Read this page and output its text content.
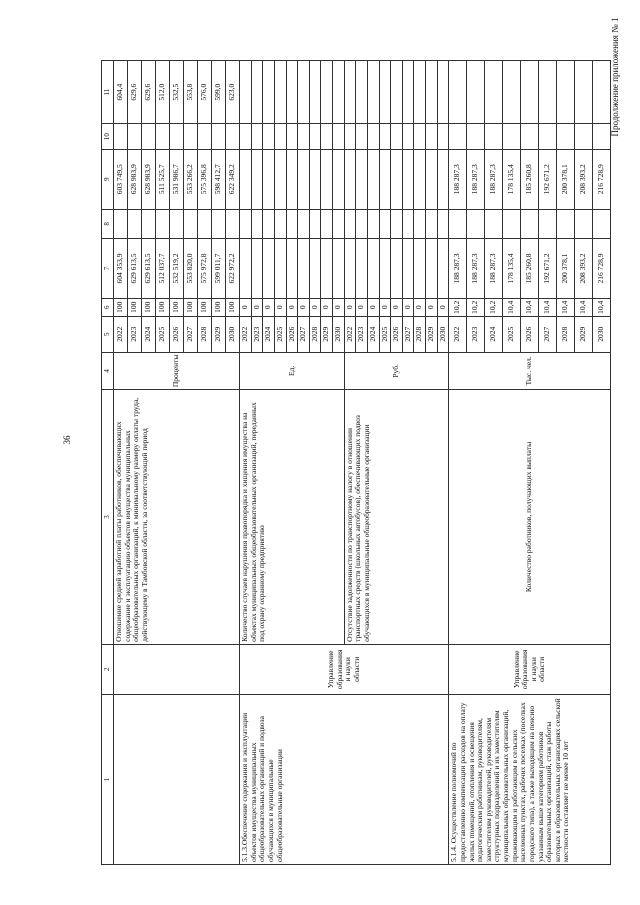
36
Продолжение приложения № 1
1	2	3	4	5	6	7	8	9	10	11
		Отношение средней заработной платы работников, обеспечивающих содержание и эксплуатацию объектов имущества муниципальных общеобразовательных организаций, к минимальному размеру оплаты труда, действующему в Тамбовской области, за соответствующий период	Проценты	2022	100	604 353,9		603 749,5		604,4
				2023	100	629 613,5		628 983,9		629,6
				2024	100	629 613,5		628 983,9		629,6
				2025	100	512 037,7		511 525,7		512,0
				2026	100	532 519,2		531 986,7		532,5
				2027	100	553 820,0		553 266,2		553,8
				2028	100	575 972,8		575 396,8		576,0
				2029	100	599 011,7		598 412,7		599,0
				2030	100	622 972,2		622 349,2		623,0
5.1.3.Обеспечение содержания и эксплуатации объектов имущества муниципальных общеобразовательных организаций и подвоза обучающихся в муниципальные общеобразовательные организации	Управление образования и науки области	Количество случаев нарушения правопорядка и хищения имущества на объектах муниципальных общеобразовательных организаций, переданных под охрану охранному предприятию	Ед.	2022	0					
				2023	0					
				2024	0					
				2025	0					
				2026	0					
				2027	0					
				2028	0					
				2029	0					
				2030	0					
		Отсутствие задолженности по транспортному налогу в отношении транспортных средств (школьных автобусов), обеспечивающих подвоз обучающихся в муниципальные общеобразовательные организации	Руб.	2022	0					
				2023	0					
				2024	0					
				2025	0					
				2026	0					
				2027	0					
				2028	0					
				2029	0					
				2030	0					
5.1.4. Осуществление полномочий по предоставлению компенсации расходов на оплату жилых помещений, отопления и освещения педагогическим работникам, руководителям, заместителям руководителей, руководителям структурных подразделений и их заместителям муниципальных образовательных организаций, проживающим и работающим в сельских населенных пунктах, рабочих поселках (поселках городского типа), а также выходящим на пенсию указанным выше категориям работников образовательных организаций, стаж работы которых в образовательных организациях сельской местности составляет не менее 10 лет	Управление образования и науки области	Количество работников, получающих выплаты	Тыс. чел.	2022	10,2	188 287,3		188 287,3		
				2023	10,2	188 287,3		188 287,3		
				2024	10,2	188 287,3		188 287,3		
				2025	10,4	178 135,4		178 135,4		
				2026	10,4	185 260,8		185 260,8		
				2027	10,4	192 671,2		192 671,2		
				2028	10,4	200 378,1		200 378,1		
				2029	10,4	208 393,2		208 393,2		
				2030	10,4	216 728,9		216 728,9		
